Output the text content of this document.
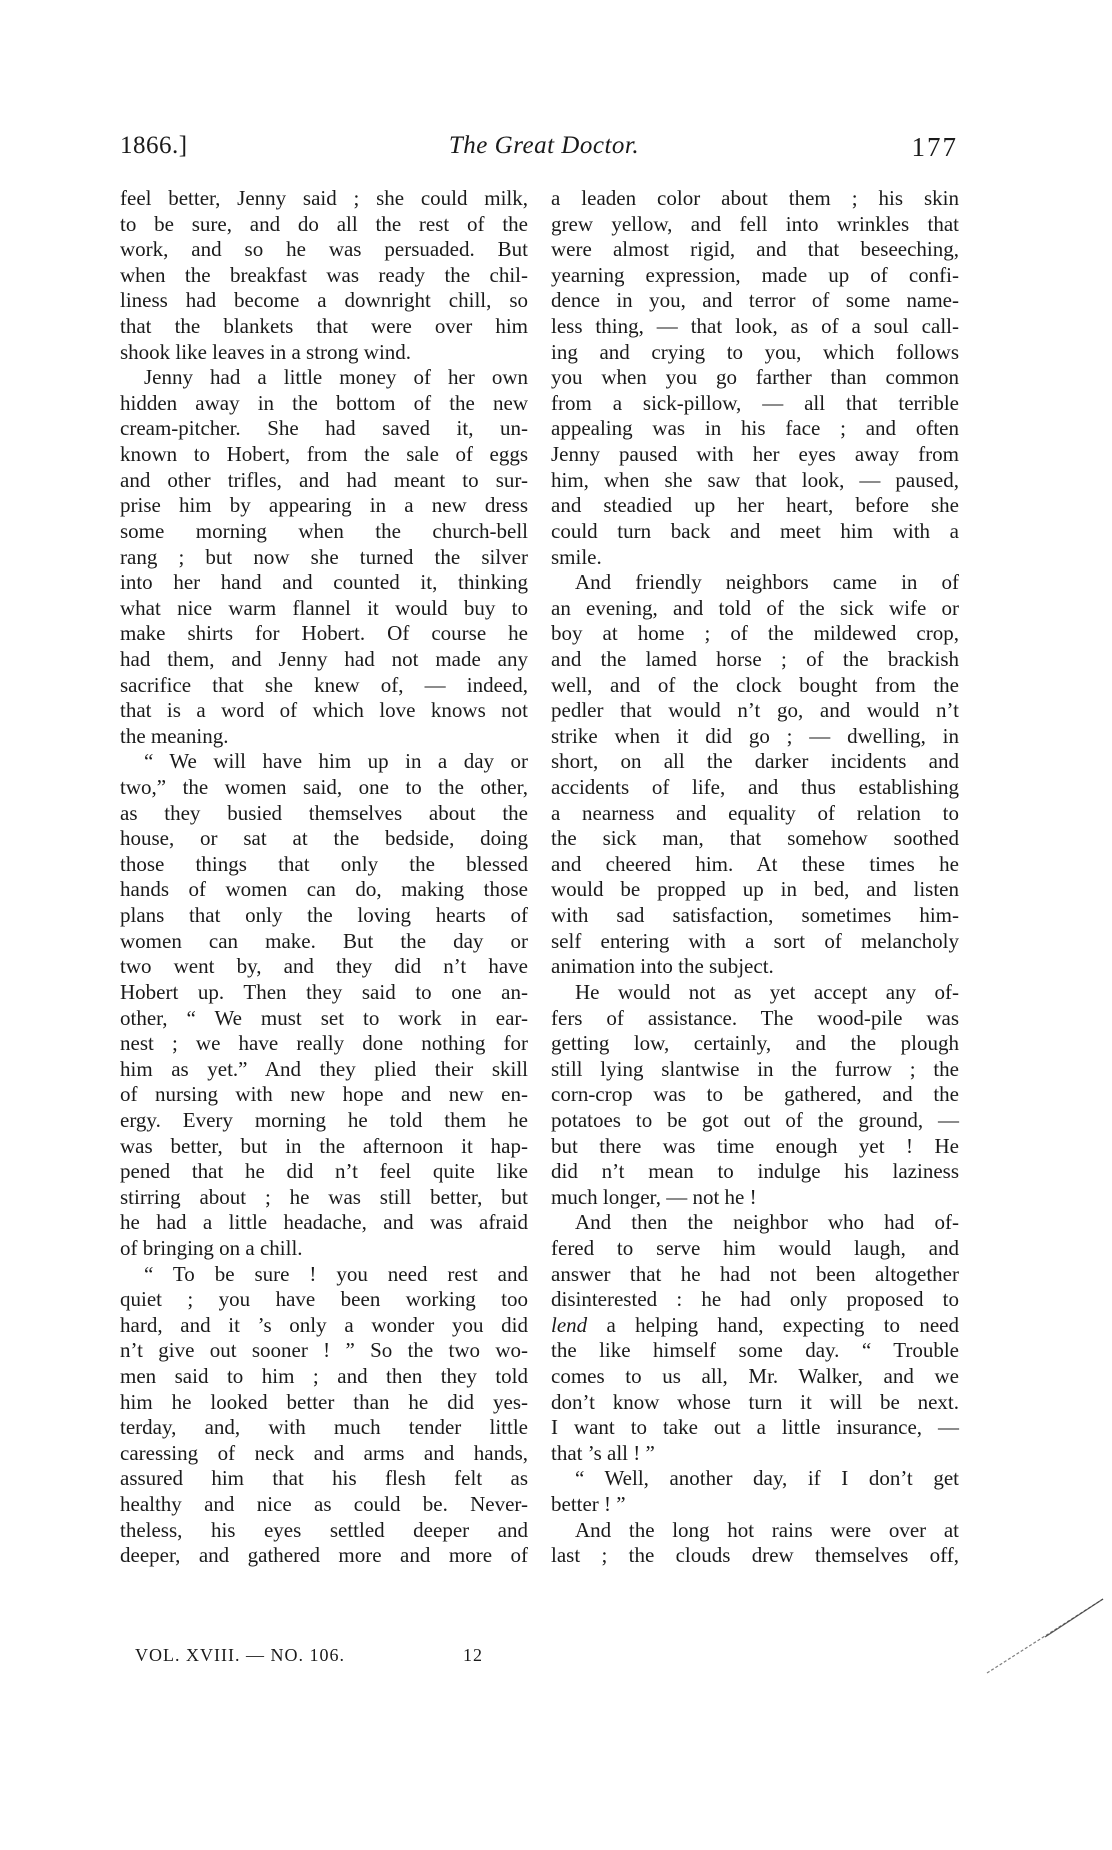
1866.]	The Great Doctor.	177
feel better, Jenny said ; she could milk,
to be sure, and do all the rest of the
work, and so he was persuaded. But
when the breakfast was ready the chil-
liness had become a downright chill, so
that the blankets that were over him
shook like leaves in a strong wind.
Jenny had a little money of her own
hidden away in the bottom of the new
cream-pitcher. She had saved it, un-
known to Hobert, from the sale of eggs
and other trifles, and had meant to sur-
prise him by appearing in a new dress
some morning when the church-bell
rang ; but now she turned the silver
into her hand and counted it, thinking
what nice warm flannel it would buy to
make shirts for Hobert. Of course he
had them, and Jenny had not made any
sacrifice that she knew of, — indeed,
that is a word of which love knows not
the meaning.
“ We will have him up in a day or
two,” the women said, one to the other,
as they busied themselves about the
house, or sat at the bedside, doing
those things that only the blessed
hands of women can do, making those
plans that only the loving hearts of
women can make. But the day or
two went by, and they did n’t have
Hobert up. Then they said to one an-
other, “ We must set to work in ear-
nest ; we have really done nothing for
him as yet.” And they plied their skill
of nursing with new hope and new en-
ergy. Every morning he told them he
was better, but in the afternoon it hap-
pened that he did n’t feel quite like
stirring about ; he was still better, but
he had a little headache, and was afraid
of bringing on a chill.
“ To be sure ! you need rest and
quiet ; you have been working too
hard, and it ’s only a wonder you did
n’t give out sooner ! ” So the two wo-
men said to him ; and then they told
him he looked better than he did yes-
terday, and, with much tender little
caressing of neck and arms and hands,
assured him that his flesh felt as
healthy and nice as could be. Never-
theless, his eyes settled deeper and
deeper, and gathered more and more of
a leaden color about them ; his skin
grew yellow, and fell into wrinkles that
were almost rigid, and that beseeching,
yearning expression, made up of confi-
dence in you, and terror of some name-
less thing, — that look, as of a soul call-
ing and crying to you, which follows
you when you go farther than common
from a sick-pillow, — all that terrible
appealing was in his face ; and often
Jenny paused with her eyes away from
him, when she saw that look, — paused,
and steadied up her heart, before she
could turn back and meet him with a
smile.
And friendly neighbors came in of
an evening, and told of the sick wife or
boy at home ; of the mildewed crop,
and the lamed horse ; of the brackish
well, and of the clock bought from the
pedler that would n’t go, and would n’t
strike when it did go ; — dwelling, in
short, on all the darker incidents and
accidents of life, and thus establishing
a nearness and equality of relation to
the sick man, that somehow soothed
and cheered him. At these times he
would be propped up in bed, and listen
with sad satisfaction, sometimes him-
self entering with a sort of melancholy
animation into the subject.
He would not as yet accept any of-
fers of assistance. The wood-pile was
getting low, certainly, and the plough
still lying slantwise in the furrow ; the
corn-crop was to be gathered, and the
potatoes to be got out of the ground, —
but there was time enough yet ! He
did n’t mean to indulge his laziness
much longer, — not he !
And then the neighbor who had of-
fered to serve him would laugh, and
answer that he had not been altogether
disinterested : he had only proposed to
lend a helping hand, expecting to need
the like himself some day. “ Trouble
comes to us all, Mr. Walker, and we
don’t know whose turn it will be next.
I want to take out a little insurance, —
that ’s all ! ”
“ Well, another day, if I don’t get
better ! ”
And the long hot rains were over at
last ; the clouds drew themselves off,
VOL. XVIII. — NO. 106.	12
